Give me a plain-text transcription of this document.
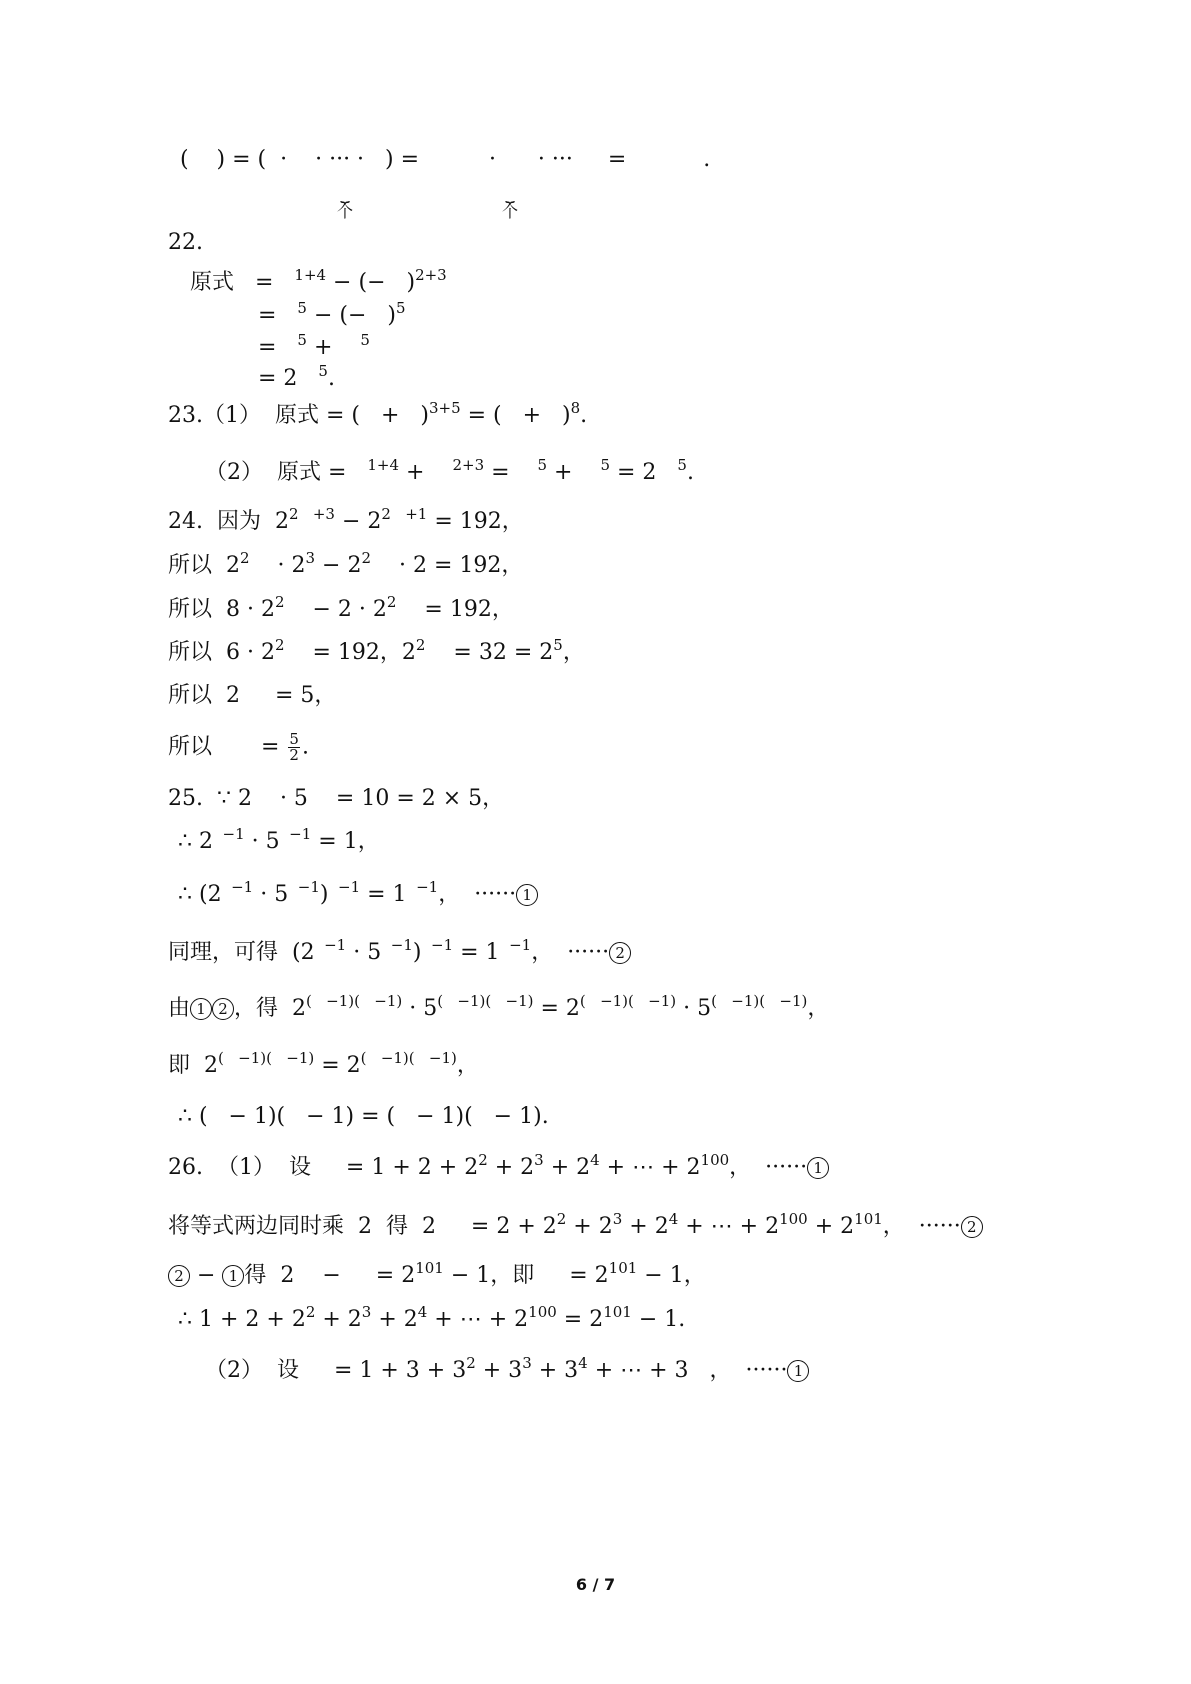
(    ) = (  ·    · ··· ·   ) =          ·      · ···     =           .
⏟
个
⏟
个
22.
原式   =   $^{1+4}$ − (−   )$^{2+3}$
=   $^5$ − (−   )$^5$
=   $^5$ +    $^5$
= 2   $^5$.
23.（1）  原式 = (   +   )$^{3+5}$ = (   +   )$^8$.
（2）  原式 =   $^{1+4}$ +    $^{2+3}$ =    $^5$ +    $^5$ = 2   $^5$.
24.  因为  $2^{2 +3} - 2^{2 +1} = 192$，
所以  $2^2$    · $2^3 - 2^2$    · 2 = 192，
所以  $8 \cdot 2^2$    − $2 \cdot 2^2$    = 192，
所以  $6 \cdot 2^2$    = 192，$2^2$    = $32 = 2^5$，
所以  2     = 5，
所以       = $\frac{5}{2}$ .
25.  ∵ 2    · 5    = 10 = 2 × 5，
∴ 2  $^{-1}$ · 5  $^{-1}$ = 1，
∴ (2  $^{-1}$ · 5  $^{-1}$)  $^{-1}$ = 1  $^{-1}$，  ······ 1
同理，可得  (2  $^{-1}$ · 5  $^{-1}$)  $^{-1}$ = 1  $^{-1}$，  ······ 2
由 1 2 ，得  $2^{( -1)( -1)} \cdot 5^{( -1)( -1)} = 2^{( -1)( -1)} \cdot 5^{( -1)( -1)}$，
即  $2^{( -1)( -1)} = 2^{( -1)( -1)}$，
∴ (   − 1)(   − 1) = (   − 1)(   − 1).
26.  （1）  设     = $1 + 2 + 2^2 + 2^3 + 2^4$ + ⋯ + $2^{100}$，  ······ 1
将等式两边同时乘  2  得  2     = $2 + 2^2 + 2^3 + 2^4$ + ⋯ + $2^{100} + 2^{101}$，  ······ 2
2 − 1 得  2    −     = $2^{101} - 1$，即     = $2^{101} - 1$，
∴ $1 + 2 + 2^2 + 2^3 + 2^4$ + ⋯ + $2^{100} = 2^{101} - 1$.
（2）  设     = $1 + 3 + 3^2 + 3^3 + 3^4$ + ⋯ + 3   ，  ······ 1
6 / 7
